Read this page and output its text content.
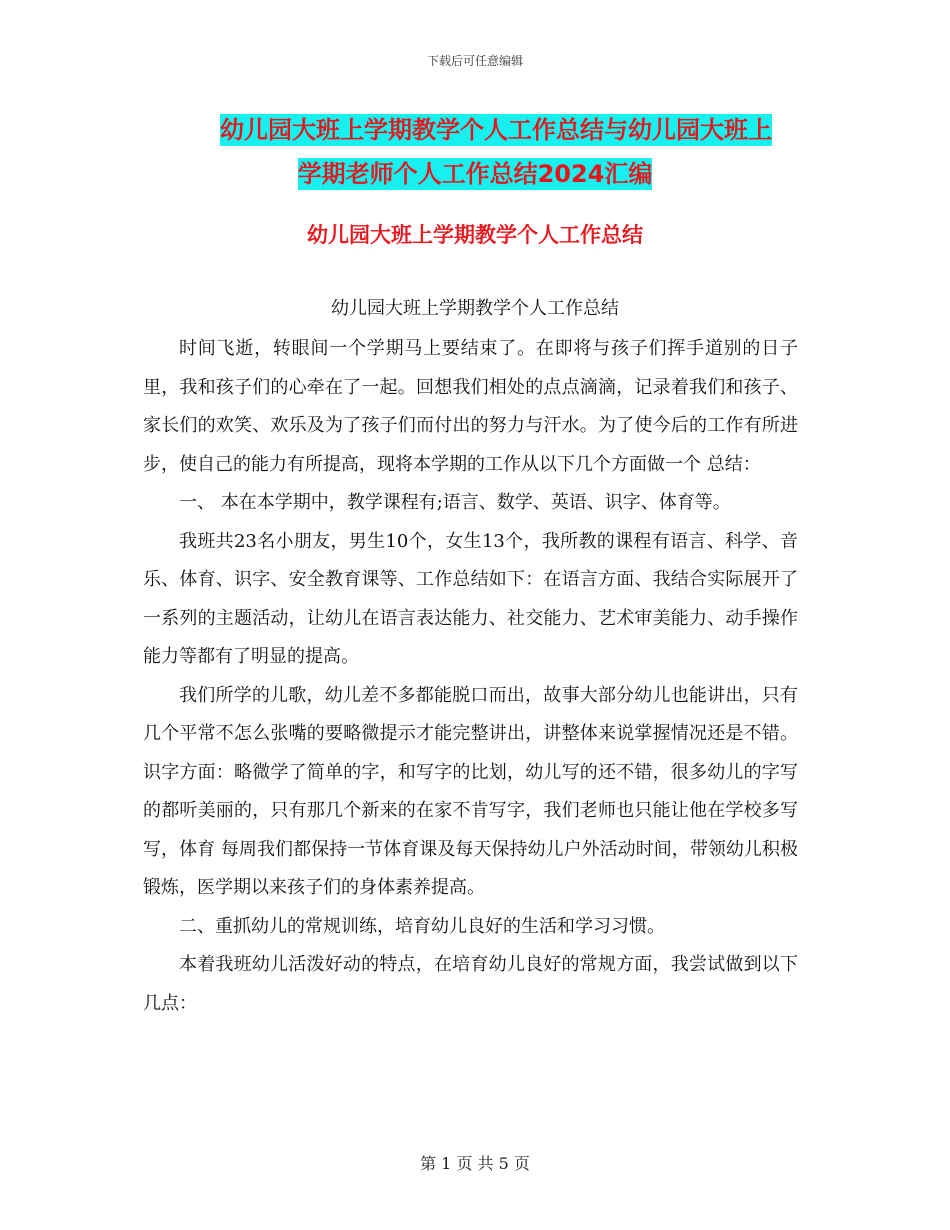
下载后可任意编辑
幼儿园大班上学期教学个人工作总结与幼儿园大班上
学期老师个人工作总结2024汇编
幼儿园大班上学期教学个人工作总结
幼儿园大班上学期教学个人工作总结

时间飞逝，转眼间一个学期马上要结束了。在即将与孩子们挥手道别的日子里，我和孩子们的心牵在了一起。回想我们相处的点点滴滴，记录着我们和孩子、家长们的欢笑、欢乐及为了孩子们而付出的努力与汗水。为了使今后的工作有所进步，使自己的能力有所提高，现将本学期的工作从以下几个方面做一个 总结：

一、 本在本学期中，教学课程有;语言、数学、英语、识字、体育等。

我班共23名小朋友，男生10个，女生13个，我所教的课程有语言、科学、音乐、体育、识字、安全教育课等、工作总结如下：在语言方面、我结合实际展开了一系列的主题活动，让幼儿在语言表达能力、社交能力、艺术审美能力、动手操作能力等都有了明显的提高。

我们所学的儿歌，幼儿差不多都能脱口而出，故事大部分幼儿也能讲出，只有几个平常不怎么张嘴的要略微提示才能完整讲出，讲整体来说掌握情况还是不错。识字方面：略微学了简单的字，和写字的比划，幼儿写的还不错，很多幼儿的字写的都听美丽的，只有那几个新来的在家不肯写字，我们老师也只能让他在学校多写写，体育 每周我们都保持一节体育课及每天保持幼儿户外活动时间，带领幼儿积极锻炼，医学期以来孩子们的身体素养提高。

二、重抓幼儿的常规训练，培育幼儿良好的生活和学习习惯。

本着我班幼儿活泼好动的特点，在培育幼儿良好的常规方面，我尝试做到以下几点：

第 1 页 共 5 页
